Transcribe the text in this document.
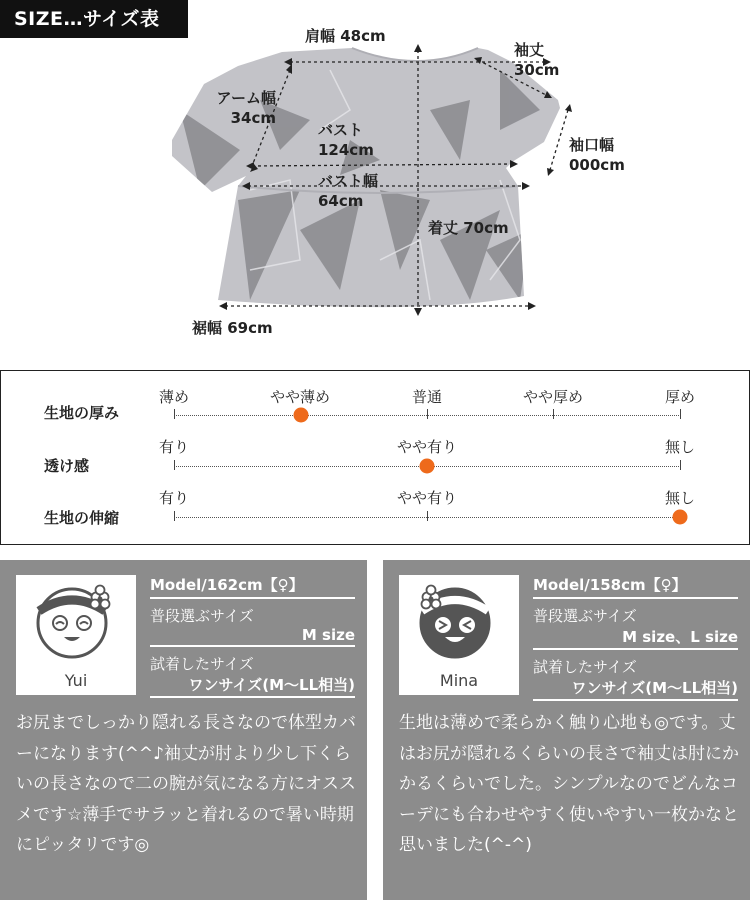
SIZE…サイズ表
肩幅 48cm
袖丈
30cm
アーム幅
34cm
バスト
124cm	袖口幅
000cm
バスト幅
64cm
着丈 70cm
裾幅 69cm
生地の厚み
薄め	やや薄め	普通	やや厚め	厚め
透け感
有り	やや有り	無し
生地の伸縮
有り	やや有り	無し
Yui
Model/162cm【♀】
普段選ぶサイズ
M size
試着したサイズ
ワンサイズ(M〜LL相当)
お尻までしっかり隠れる長さなので体型カバーになります(^^♪袖丈が肘より少し下くらいの長さなので二の腕が気になる方にオススメです☆薄手でサラッと着れるので暑い時期にピッタリです◎
Mina
Model/158cm【♀】
普段選ぶサイズ
M size、L size
試着したサイズ
ワンサイズ(M〜LL相当)
生地は薄めで柔らかく触り心地も◎です。丈はお尻が隠れるくらいの長さで袖丈は肘にかかるくらいでした。シンプルなのでどんなコーデにも合わせやすく使いやすい一枚かなと思いました(^-^)
